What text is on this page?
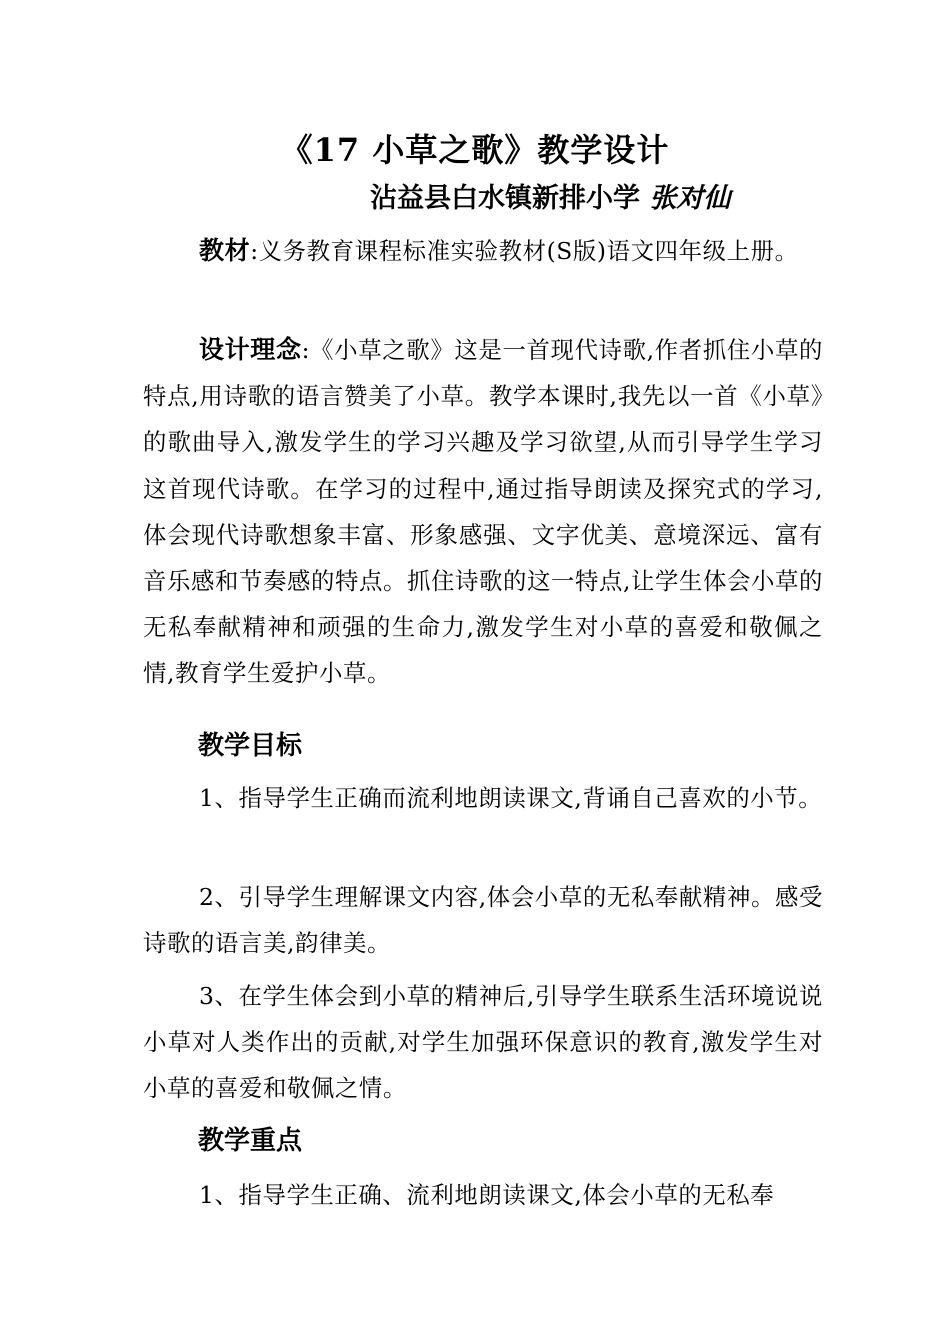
《17 小草之歌》教学设计
沾益县白水镇新排小学 张对仙

教材:义务教育课程标准实验教材(S版)语文四年级上册。

设计理念:《小草之歌》这是一首现代诗歌,作者抓住小草的特点,用诗歌的语言赞美了小草。教学本课时,我先以一首《小草》的歌曲导入,激发学生的学习兴趣及学习欲望,从而引导学生学习这首现代诗歌。在学习的过程中,通过指导朗读及探究式的学习,体会现代诗歌想象丰富、形象感强、文字优美、意境深远、富有音乐感和节奏感的特点。抓住诗歌的这一特点,让学生体会小草的无私奉献精神和顽强的生命力,激发学生对小草的喜爱和敬佩之情,教育学生爱护小草。

教学目标

1、指导学生正确而流利地朗读课文,背诵自己喜欢的小节。

2、引导学生理解课文内容,体会小草的无私奉献精神。感受诗歌的语言美,韵律美。

3、在学生体会到小草的精神后,引导学生联系生活环境说说小草对人类作出的贡献,对学生加强环保意识的教育,激发学生对小草的喜爱和敬佩之情。

教学重点

1、指导学生正确、流利地朗读课文,体会小草的无私奉
